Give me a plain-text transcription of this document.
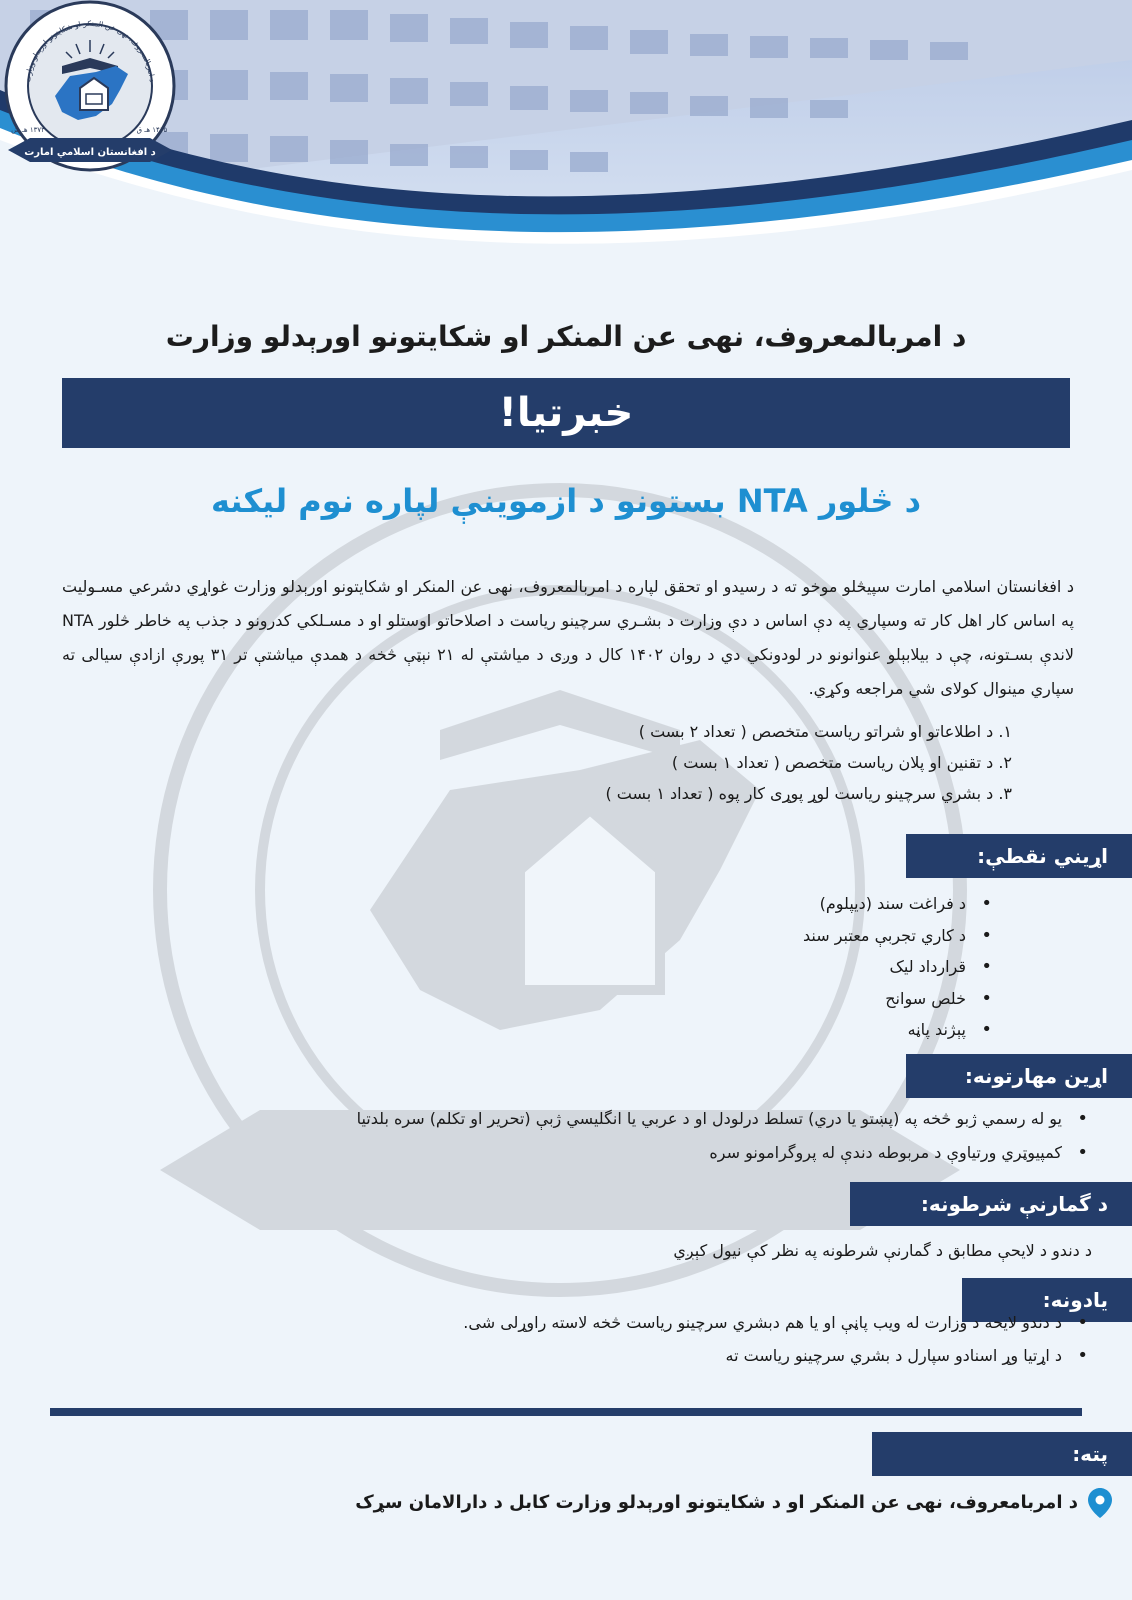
د افغانستان اسلامي امارت
۱۳۷۳ هـ ش	۱۴۱۵ هـ ق
د امربالمعروف، نهی عن المنکر او شکایتونو اورېدلو وزارت
د امربالمعروف، نهی عن المنکر او شکایتونو اورېدلو وزارت
خبرتیا!
د څلور NTA بستونو د ازموینې لپاره نوم لیکنه

د افغانستان اسلامي امارت سپیڅلو موخو ته د رسیدو او تحقق لپاره د امربالمعروف، نهی عن المنکر او شکایتونو اورېدلو وزارت غواړي دشرعي مسـولیت په اساس کار اهل کار ته وسپاري په دې اساس د دې وزارت د بشـري سرچینو ریاست د اصلاحاتو اوستلو او د مسـلکي کدرونو د جذب په خاطر څلور NTA لاندې بسـتونه، چې د بیلابېلو عنوانونو در لودونکي دي د روان ۱۴۰۲ کال د وږی د میاشتې له ۲۱ نېټې څخه د همدې میاشتې تر ۳۱ پورې ازادې سیالی ته سپاري مینوال کولای شي مراجعه وکړي.

۱. د اطلاعاتو او شراتو ریاست متخصص ( تعداد ۲ بست )
۲. د تقنین او پلان ریاست متخصص ( تعداد ۱ بست )
۳. د بشري سرچینو ریاست لوړ پوړی کار پوه ( تعداد ۱ بست )
اړیني نقطې:
• د فراغت سند (دیپلوم)
• د کاري تجربې معتبر سند
• قرارداد لیک
• خلص سوانح
• پېژند پاڼه
اړین مهارتونه:
• یو له رسمي ژبو څخه په (پښتو یا دري) تسلط درلودل او د عربي یا انگلیسي ژبې (تحریر او تکلم) سره بلدتیا
• کمپیوټري ورتیاوې د مربوطه دندې له پروگرامونو سره
د گمارنې شرطونه:

د دندو د لایحې مطابق د گمارنې شرطونه په نظر کې نیول کېږي

یادونه:
• د دندو لایحه د وزارت له ویب پاڼې او یا هم دبشري سرچینو ریاست څخه لاسته راوړلی شی.
• د اړتیا وړ اسنادو سپارل د بشري سرچینو ریاست ته
پته:
د امربامعروف، نهی عن المنکر او د شکایتونو اورېدلو وزارت کابل د دارالامان سړک
